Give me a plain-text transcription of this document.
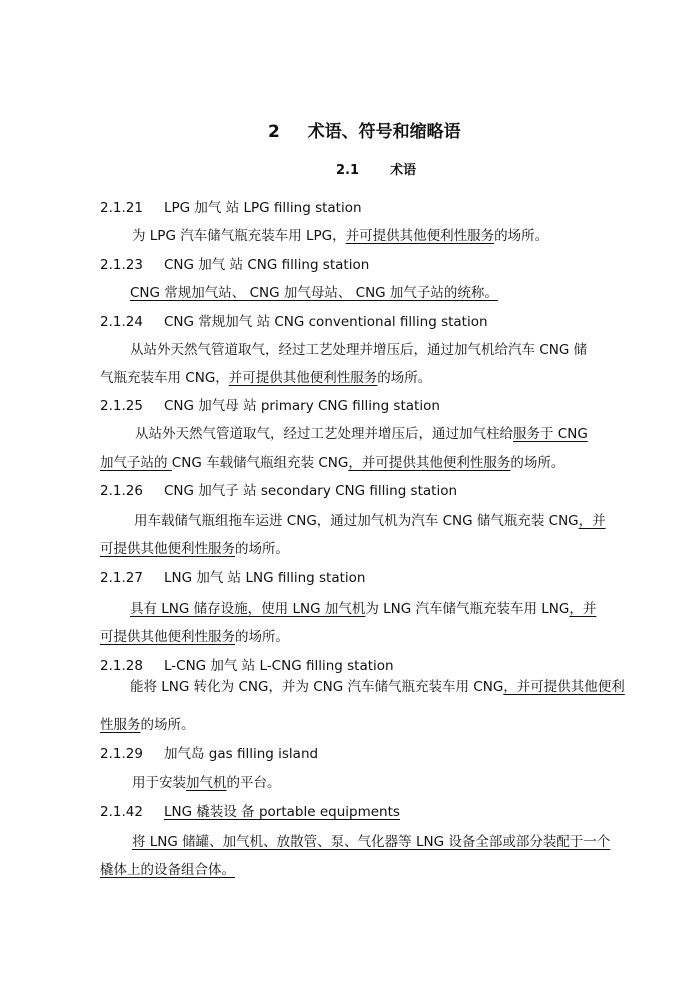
2 术语、符号和缩略语
2.1 术语
2.1.21 LPG 加气 站 LPG filling station
为 LPG 汽车储气瓶充装车用 LPG，并可提供其他便利性服务的场所。
2.1.23 CNG 加气 站 CNG filling station
CNG 常规加气站、 CNG 加气母站、 CNG 加气子站的统称。
2.1.24 CNG 常规加气 站 CNG conventional filling station
从站外天然气管道取气，经过工艺处理并增压后，通过加气机给汽车 CNG 储
气瓶充装车用 CNG，并可提供其他便利性服务的场所。
2.1.25 CNG 加气母 站 primary CNG filling station
从站外天然气管道取气，经过工艺处理并增压后，通过加气柱给服务于 CNG
加气子站的 CNG 车载储气瓶组充装 CNG，并可提供其他便利性服务的场所。
2.1.26 CNG 加气子 站 secondary CNG filling station
用车载储气瓶组拖车运进 CNG，通过加气机为汽车 CNG 储气瓶充装 CNG，并
可提供其他便利性服务的场所。
2.1.27 LNG 加气 站 LNG filling station
具有 LNG 储存设施，使用 LNG 加气机为 LNG 汽车储气瓶充装车用 LNG，并
可提供其他便利性服务的场所。
2.1.28 L-CNG 加气 站 L-CNG filling station
能将 LNG 转化为 CNG，并为 CNG 汽车储气瓶充装车用 CNG，并可提供其他便利
性服务的场所。
2.1.29 加气岛 gas filling island
用于安装加气机的平台。
2.1.42 LNG 橇装设 备 portable equipments
将 LNG 储罐、加气机、放散管、泵、气化器等 LNG 设备全部或部分装配于一个
橇体上的设备组合体。
